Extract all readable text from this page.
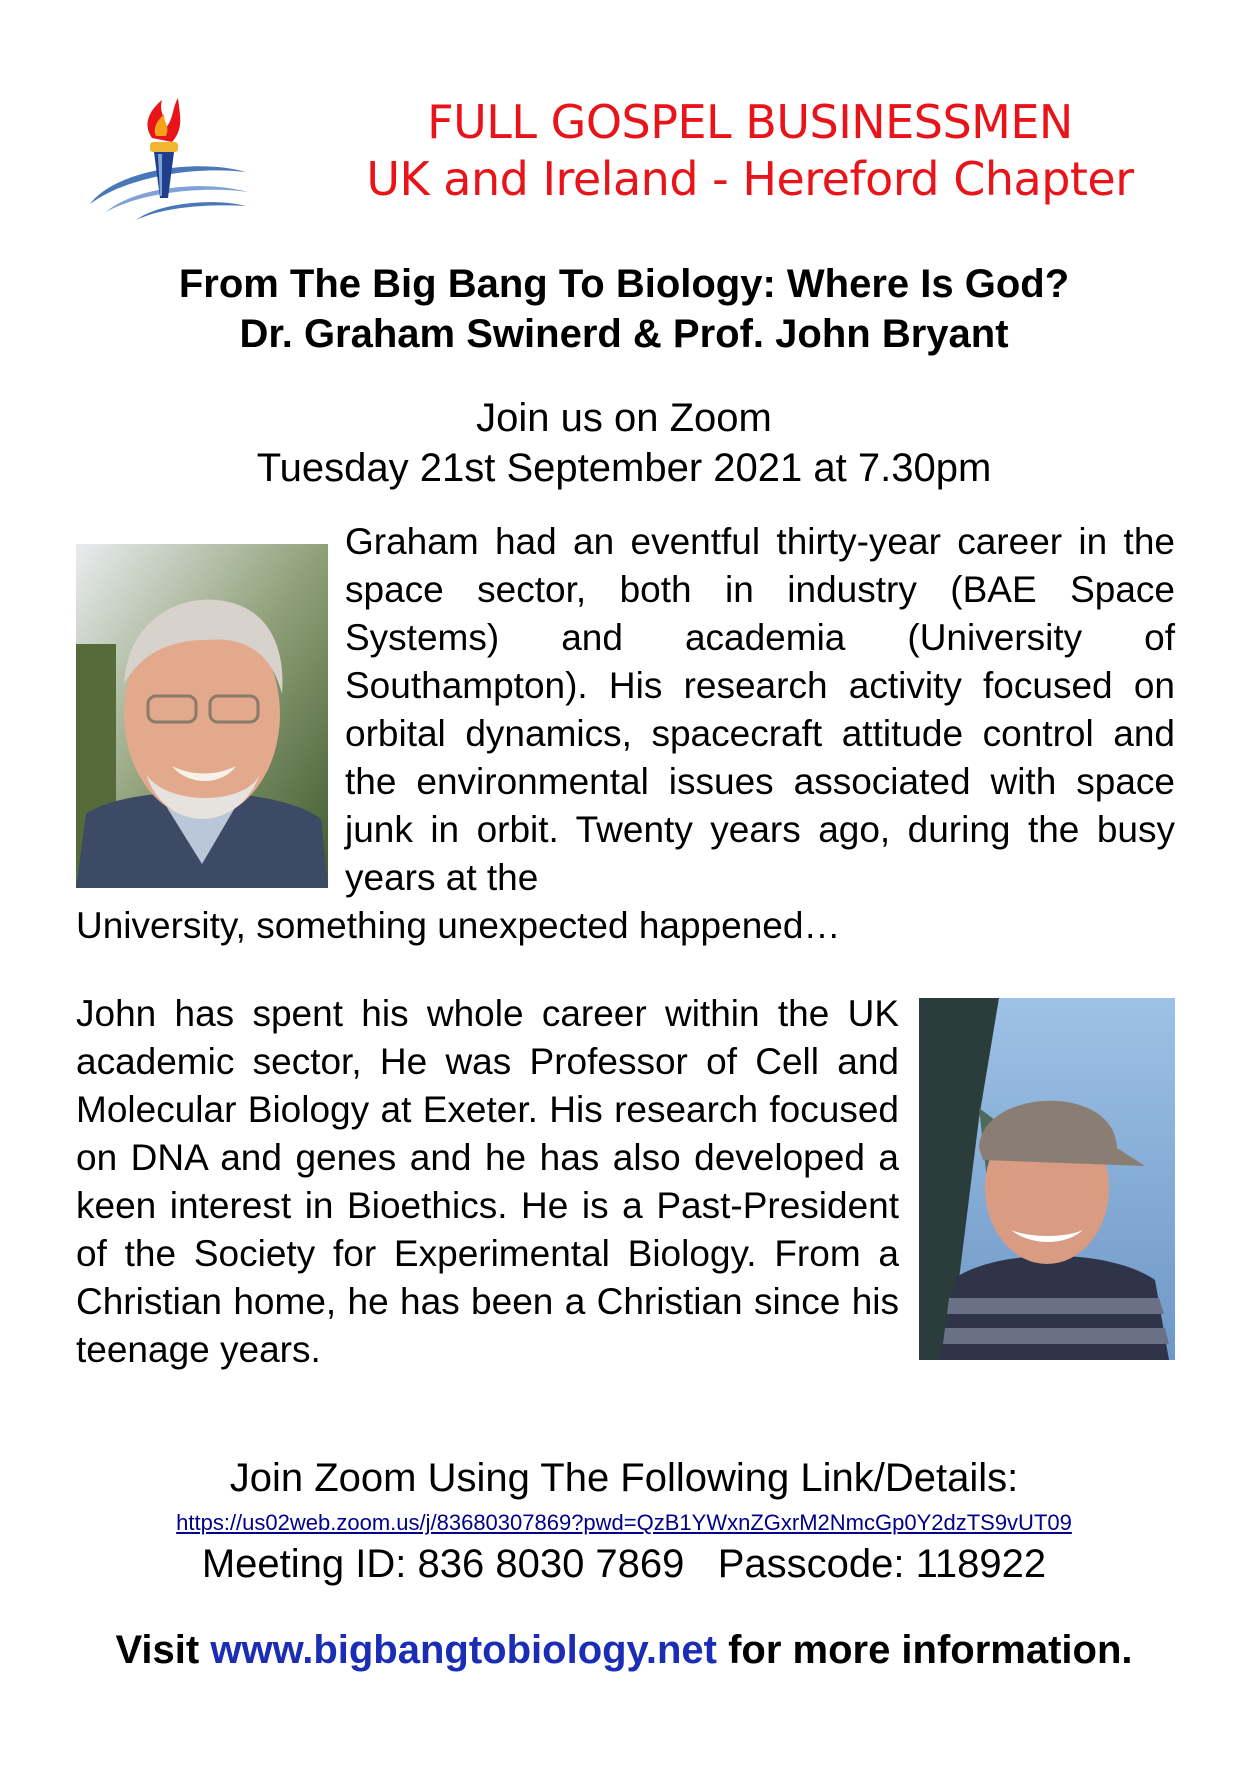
FULL GOSPEL BUSINESSMEN
UK and Ireland - Hereford Chapter
From The Big Bang To Biology: Where Is God?
Dr. Graham Swinerd & Prof. John Bryant
Join us on Zoom
Tuesday 21st September 2021 at 7.30pm
Graham had an eventful thirty-year career in the space sector, both in industry (BAE Space Systems) and academia (University of Southampton). His research activity focused on orbital dynamics, spacecraft attitude control and the environmental issues associated with space junk in orbit. Twenty years ago, during the busy years at the
University, something unexpected happened…
John has spent his whole career within the UK academic sector, He was Professor of Cell and Molecular Biology at Exeter. His research focused on DNA and genes and he has also developed a keen interest in Bioethics. He is a Past-President of the Society for Experimental Biology. From a Christian home, he has been a Christian since his teenage years.
Join Zoom Using The Following Link/Details:
https://us02web.zoom.us/j/83680307869?pwd=QzB1YWxnZGxrM2NmcGp0Y2dzTS9vUT09
Meeting ID: 836 8030 7869   Passcode: 118922
Visit www.bigbangtobiology.net for more information.
